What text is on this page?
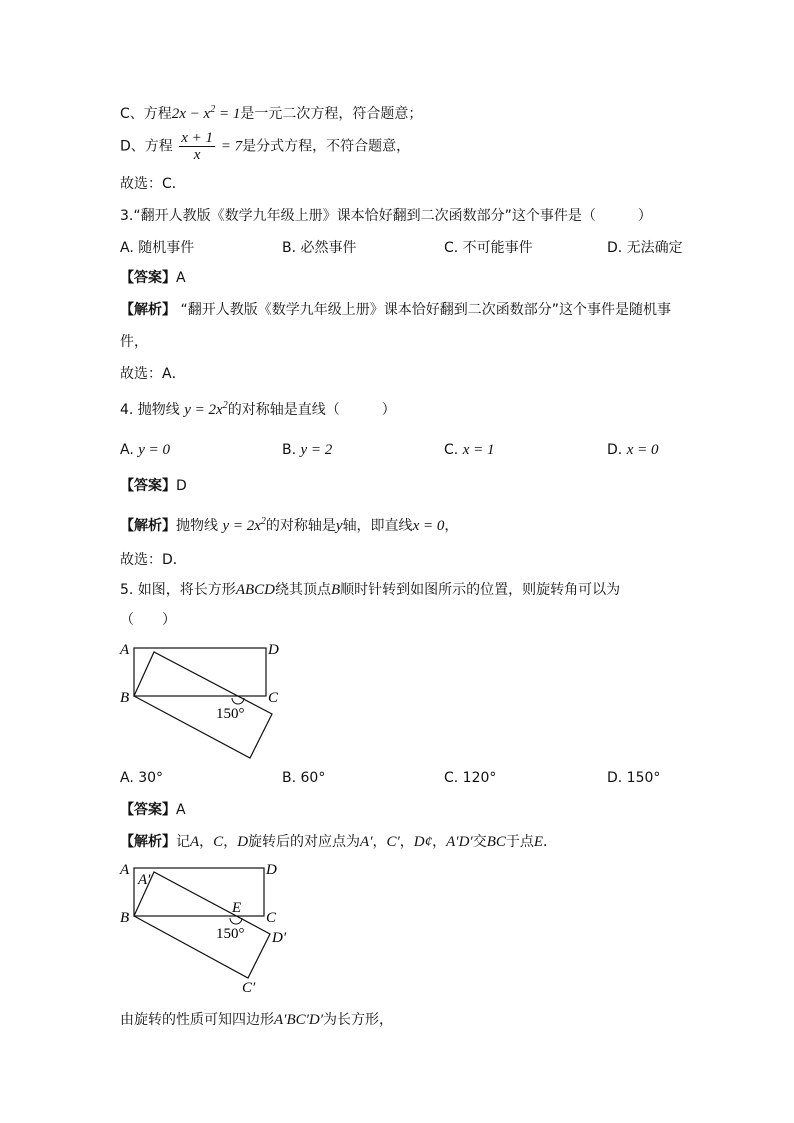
C、方程$2x - x^2 = 1$是一元二次方程，符合题意；
D、方程 $\frac{x + 1}{x} = 7$是分式方程，不符合题意，
故选：C．
3.“翻开人教版《数学九年级上册》课本恰好翻到二次函数部分”这个事件是（　　　）
A. 随机事件	B. 必然事件	C. 不可能事件	D. 无法确定
【答案】A
【解析】 “翻开人教版《数学九年级上册》课本恰好翻到二次函数部分”这个事件是随机事
件，
故选：A．
4. 抛物线 $y = 2x^2$的对称轴是直线（　　　）
A. y = 0	B. y = 2	C. x = 1	D. x = 0
【答案】D
【解析】抛物线 $y = 2x^2$的对称轴是y轴，即直线x = 0，
故选：D．
5. 如图，将长方形ABCD绕其顶点B顺时针转到如图所示的位置，则旋转角可以为
（　　）
A	D
B	C
150°
A. 30°	B. 60°	C. 120°	D. 150°
【答案】A
【解析】记A，C，D旋转后的对应点为A′，C′，D¢，A′D′交BC于点E．
A
A′
D
B
E
C
150° D′
C′
由旋转的性质可知四边形A′BC′D′为长方形，
